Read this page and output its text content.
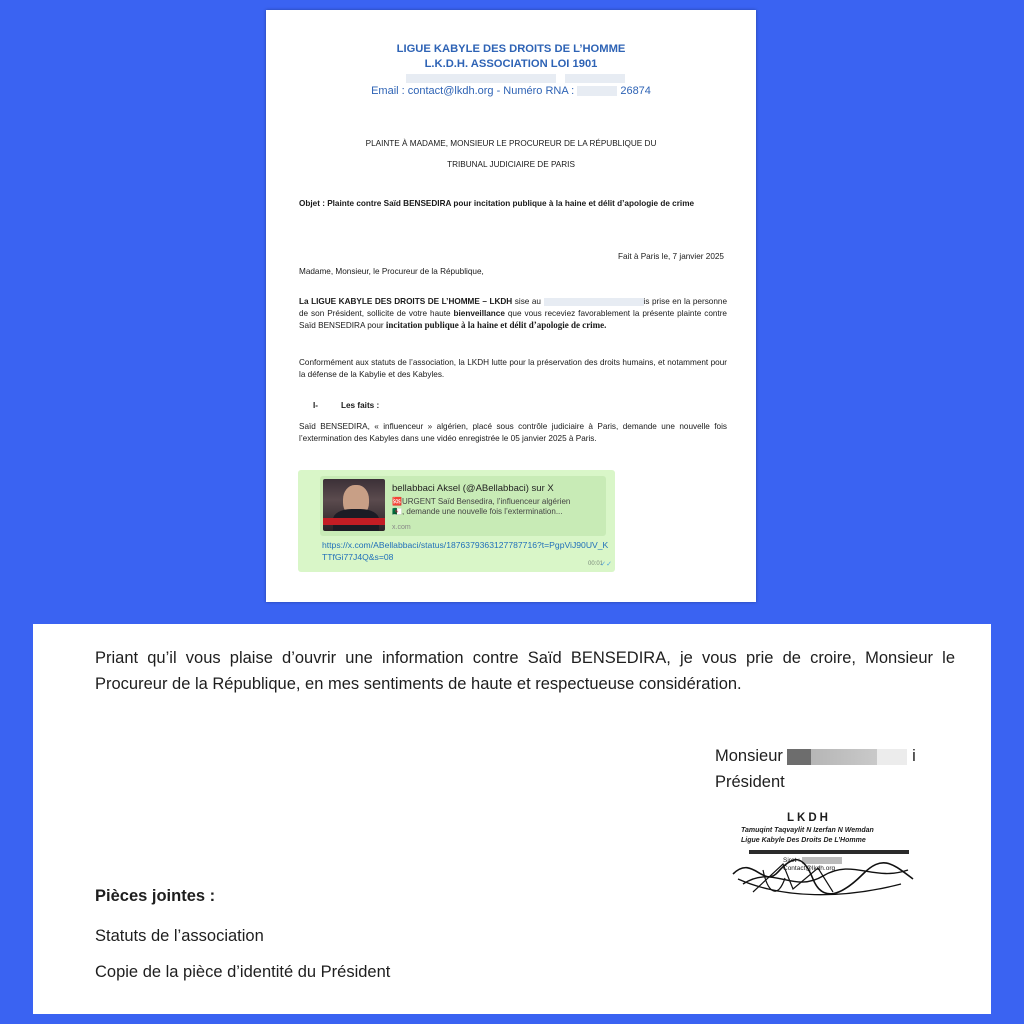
LIGUE KABYLE DES DROITS DE L’HOMME
L.K.D.H. ASSOCIATION LOI 1901

Email : contact@lkdh.org - Numéro RNA :	26874
PLAINTE À MADAME, MONSIEUR LE PROCUREUR DE LA RÉPUBLIQUE DU
TRIBUNAL JUDICIAIRE DE PARIS
Objet : Plainte contre Saïd BENSEDIRA pour incitation publique à la haine et délit d’apologie de crime
Fait à Paris le, 7 janvier 2025
Madame, Monsieur, le Procureur de la République,
La LIGUE KABYLE DES DROITS DE L’HOMME – LKDH sise au	is prise en la personne de son Président, sollicite de votre haute bienveillance que vous receviez favorablement la présente plainte contre Saïd BENSEDIRA pour incitation publique à la haine et délit d’apologie de crime.
Conformément aux statuts de l’association, la LKDH lutte pour la préservation des droits humains, et notamment pour la défense de la Kabylie et des Kabyles.
I-	Les faits :
Saïd BENSEDIRA, « influenceur » algérien, placé sous contrôle judiciaire à Paris, demande une nouvelle fois l’extermination des Kabyles dans une vidéo enregistrée le 05 janvier 2025 à Paris.
bellabbaci Aksel (@ABellabbaci) sur X
🆘URGENT Saïd Bensedira, l’influenceur algérien
🇩🇿, demande une nouvelle fois l’extermination...
x.com
https://x.com/ABellabbaci/status/1876379363127787716?t=PgpViJ90UV_KTTfGi77J4Q&s=08
00:01
✓✓
Priant qu’il vous plaise d’ouvrir une information contre Saïd BENSEDIRA, je vous prie de croire, Monsieur le Procureur de la République, en mes sentiments de haute et respectueuse considération.
Monsieur	i
Président
LKDH
Tamuqint Taqvaylit N Izerfan N Wemdan
Ligue Kabyle Des Droits De L’Homme
Siret :
Contact@lkdh.org
Pièces jointes :
Statuts de l’association
Copie de la pièce d’identité du Président
